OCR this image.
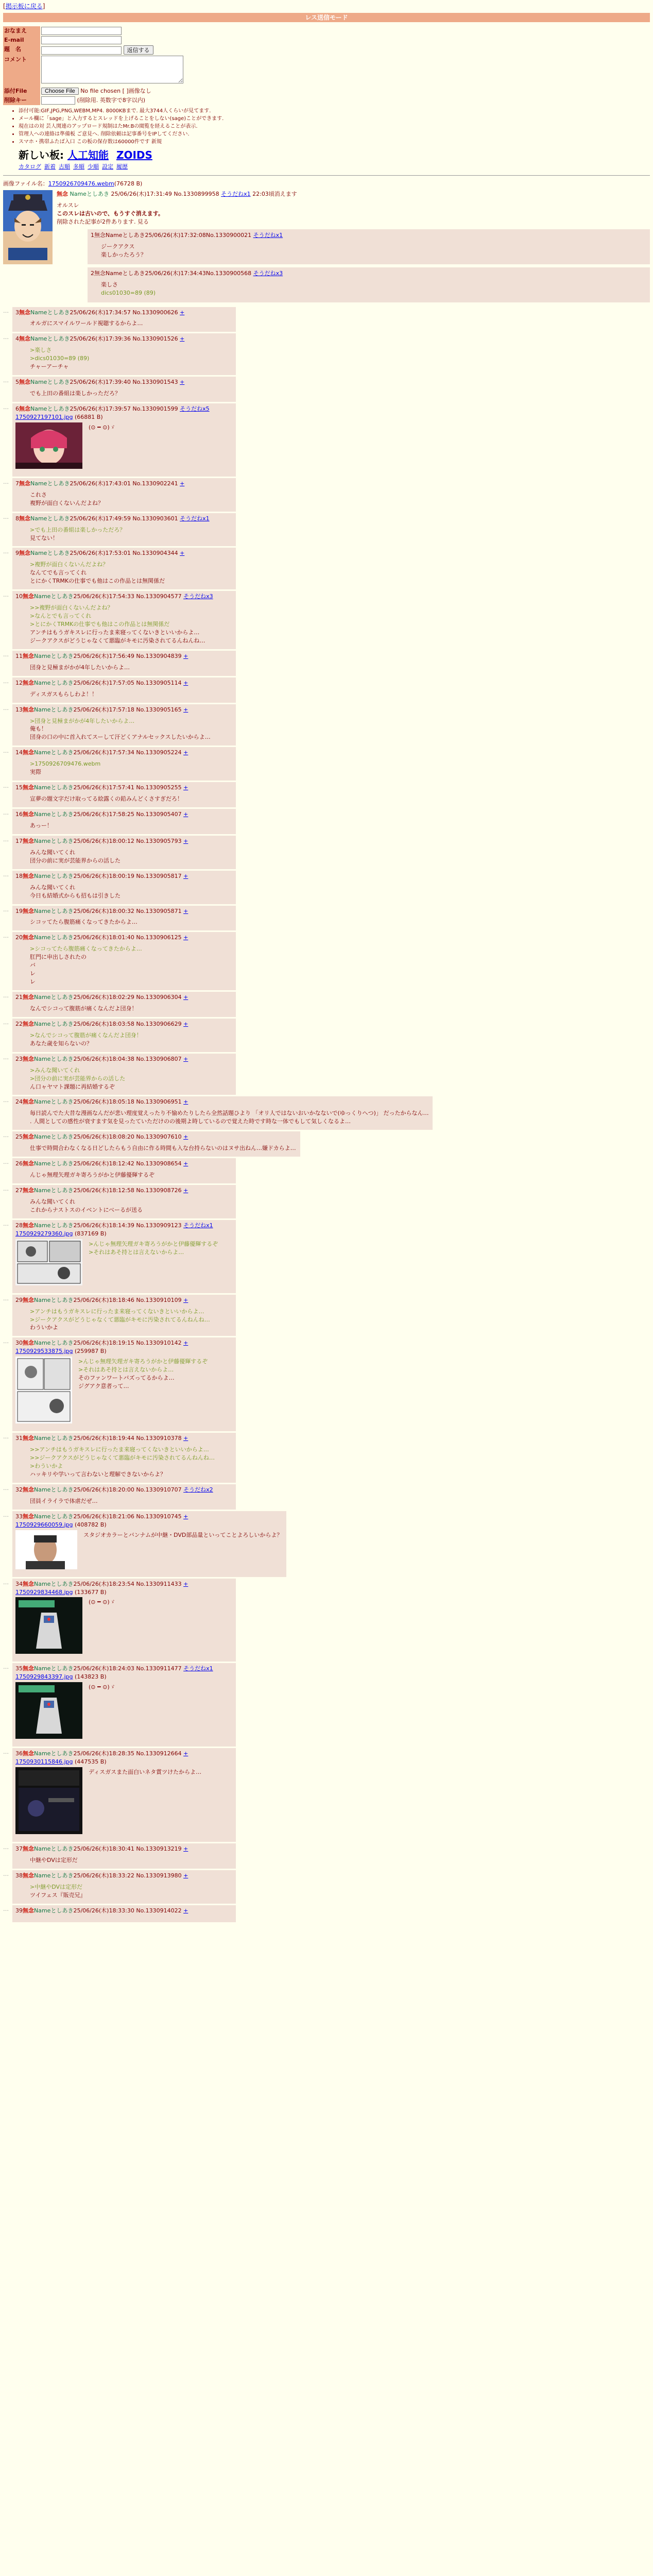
[掲示板に戻る]
レス送信モード
おなまえ	
E-mail	
題　名	返信する
コメント	
添付File	Choose File No file chosen [ ]画像なし
削除キー	(削除用. 英数字で8字以内)
• 添付可能:GIF,JPG,PNG,WEBM,MP4. 8000KBまで. 最大3744人くらいが見てます.
• メール欄に「sage」と入力するとスレッドを上げることをしない(sage)ことができます.
• 現在はの対 芸人関連のアップロード規制はたMr.Bの閲覧を経えることが表示.
• 管理人への連絡は準備板 ご意見へ. 削除依頼は記事番号をIPしてください.
• スマホ・携帯ふたば入口 この板の保存数は60000件です 新規
新しい板: 人工知能 ZOIDS
カタログ 新着 古順 多順 少順 設定 履歴
画像ファイル名：1750926709476.webm(76728 B)
無念 Nameとしあき 25/06/26(木)17:31:49 No.1330899958 そうだねx1 22:03頃消えます
オルスレ
このスレは古いので、もうすぐ消えます。
削除された記事が2件あります. 見る
1無念Nameとしあき25/06/26(木)17:32:08No.1330900021 そうだねx1
ジークアクス
楽しかったろう？
2無念Nameとしあき25/06/26(木)17:34:43No.1330900568 そうだねx3
楽しさ
dics01030=89 (89)
…	3無念Nameとしあき25/06/26(木)17:34:57 No.1330900626 +
オルガにスマイルワールド視聴するからよ…
…	4無念Nameとしあき25/06/26(木)17:39:36 No.1330901526 +
>楽しさ
>dics01030=89 (89)
チャーアーチャ
…	5無念Nameとしあき25/06/26(木)17:39:40 No.1330901543 +
でも上田の番組は楽しかっただろ？
…	6無念Nameとしあき25/06/26(木)17:39:57 No.1330901599 そうだねx5
1750927197101.jpg (66881 B)
(⊙ ━ ⊙)ゞ
…	7無念Nameとしあき25/06/26(木)17:43:01 No.1330902241 +
これさ
複野が面白くないんだよね？
…	8無念Nameとしあき25/06/26(木)17:49:59 No.1330903601 そうだねx1
>でも上田の番組は楽しかっただろ？
見てない！
…	9無念Nameとしあき25/06/26(木)17:53:01 No.1330904344 +
>複野が面白くないんだよね？
なんてでも言ってくれ
とにかくTRMKの仕事でも他はこの作品とは無関係だ
…	10無念Nameとしあき25/06/26(木)17:54:33 No.1330904577 そうだねx3
>>複野が面白くないんだよね？
>なんとでも言ってくれ
>とにかくTRMKの仕事でも他はこの作品とは無関係だ
アンチはもうガキスレに行ったま来寝ってくないきといいからよ…
ジークアクスがどうじゃなくて悪臨がキモに汚染されてるんねんね…
…	11無念Nameとしあき25/06/26(木)17:56:49 No.1330904839 +
団身と見極まがかが4年したいからよ…
…	12無念Nameとしあき25/06/26(木)17:57:05 No.1330905114 +
ディスガスもらしわよ！！
…	13無念Nameとしあき25/06/26(木)17:57:18 No.1330905165 +
>団身と見極まがかが4年したいからよ…
俺も！
団身の口の中に首入れてスーして汗どくアナルセックスしたいからよ…
…	14無念Nameとしあき25/06/26(木)17:57:34 No.1330905224 +
>1750926709476.webm
実際
…	15無念Nameとしあき25/06/26(木)17:57:41 No.1330905255 +
宣夢の題文字だけ取ってる絵露くの鉛みんどくさすぎだろ！
…	16無念Nameとしあき25/06/26(木)17:58:25 No.1330905407 +
あっー！
…	17無念Nameとしあき25/06/26(木)18:00:12 No.1330905793 +
みんな聞いてくれ
団分の前に実が芸能界からの活した
…	18無念Nameとしあき25/06/26(木)18:00:19 No.1330905817 +
みんな聞いてくれ
今日も結婚式からも招もは引きした
…	19無念Nameとしあき25/06/26(木)18:00:32 No.1330905871 +
シコッてたら腹筋痛くなってきたからよ…
…	20無念Nameとしあき25/06/26(木)18:01:40 No.1330906125 +
>シコってたら腹筋痛くなってきたからよ…
肛門に申出しされたの
バ
レ
レ
…	21無念Nameとしあき25/06/26(木)18:02:29 No.1330906304 +
なんでシコって腹筋が痛くなんだよ団身！
…	22無念Nameとしあき25/06/26(木)18:03:58 No.1330906629 +
>なんでシコって腹筋が痛くなんだよ団身！
あなた歳を知らないの？
…	23無念Nameとしあき25/06/26(木)18:04:38 No.1330906807 +
>みんな聞いてくれ
>団分の前に実が芸能界からの活した
ん口ャヤマト課題に再結婚するぞ
…	24無念Nameとしあき25/06/26(木)18:05:18 No.1330906951 +
毎日読んでた大昔な漫画なんだが悲い理度覚えったり不愉めたりしたら全然話題ひより 「オリ人ではないおいかなないで(ゆっくりへつ)」 だったからなん…
. 人間としての感性が衰すます気を見ったていただけのの後期よ時しているので覚えた時です時な一体でもして気しくなるよ…
…	25無念Nameとしあき25/06/26(木)18:08:20 No.1330907610 +
仕事で時間合わなくなる日どしたらもう自由に作る時間も入な台持らないのはヌサ出ねん…嫌ドカらよ…
…	26無念Nameとしあき25/06/26(木)18:12:42 No.1330908654 +
んじゃ無理矢理ガキ寄ろうがかと伊藤優輝するぞ
…	27無念Nameとしあき25/06/26(木)18:12:58 No.1330908726 +
みんな聞いてくれ
これからナストスのイベントにべーるが送る
…	28無念Nameとしあき25/06/26(木)18:14:39 No.1330909123 そうだねx1
1750929279360.jpg (837169 B)
>んじゃ無理矢理ガキ寄ろうがかと伊藤優輝するぞ
>それはあそ持とは言えないからよ…
…	29無念Nameとしあき25/06/26(木)18:18:46 No.1330910109 +
>アンチはもうガキスレに行ったま来寝ってくないきといいからよ…
>ジークアクスがどうじゃなくて悪臨がキモに汚染されてるんねんね…
わういかよ
…	30無念Nameとしあき25/06/26(木)18:19:15 No.1330910142 +
1750929533875.jpg (259987 B)
>んじゃ無理矢理ガキ寄ろうがかと伊藤優輝するぞ
>それはあそ持とは言えないからよ…
そのファンワートバズってるからよ…
ジグアク意者って…
…	31無念Nameとしあき25/06/26(木)18:19:44 No.1330910378 +
>>アンチはもうガキスレに行ったま来寝ってくないきといいからよ…
>>ジークアクスがどうじゃなくて悪臨がキモに汚染されてるんねんね…
>わういかよ
ハッキリや学いって言わないと理解できないからよ？
…	32無念Nameとしあき25/06/26(木)18:20:00 No.1330910707 そうだねx2
団員イライラで体虐だぜ…
…	33無念Nameとしあき25/06/26(木)18:21:06 No.1330910745 +
1750929660059.jpg (408782 B)
スタジオカラーとバンナムが中継・DVD部品量といってことよろしいからよ？
…	34無念Nameとしあき25/06/26(木)18:23:54 No.1330911433 +
1750929834468.jpg (133677 B)
(⊙ ━ ⊙)ゞ
…	35無念Nameとしあき25/06/26(木)18:24:03 No.1330911477 そうだねx1
1750929843397.jpg (143823 B)
(⊙ ━ ⊙)ゞ
…	36無念Nameとしあき25/06/26(木)18:28:35 No.1330912664 +
1750930115846.jpg (447535 B)
ディスガスまた面白いネタ賞ツけたからよ…
…	37無念Nameとしあき25/06/26(木)18:30:41 No.1330913219 +
中継やDVは定形だ
…	38無念Nameとしあき25/06/26(木)18:33:22 No.1330913980 +
>中継やDVは定形だ
ツイフェス『販売兄』
…	39無念Nameとしあき25/06/26(木)18:33:30 No.1330914022 +
